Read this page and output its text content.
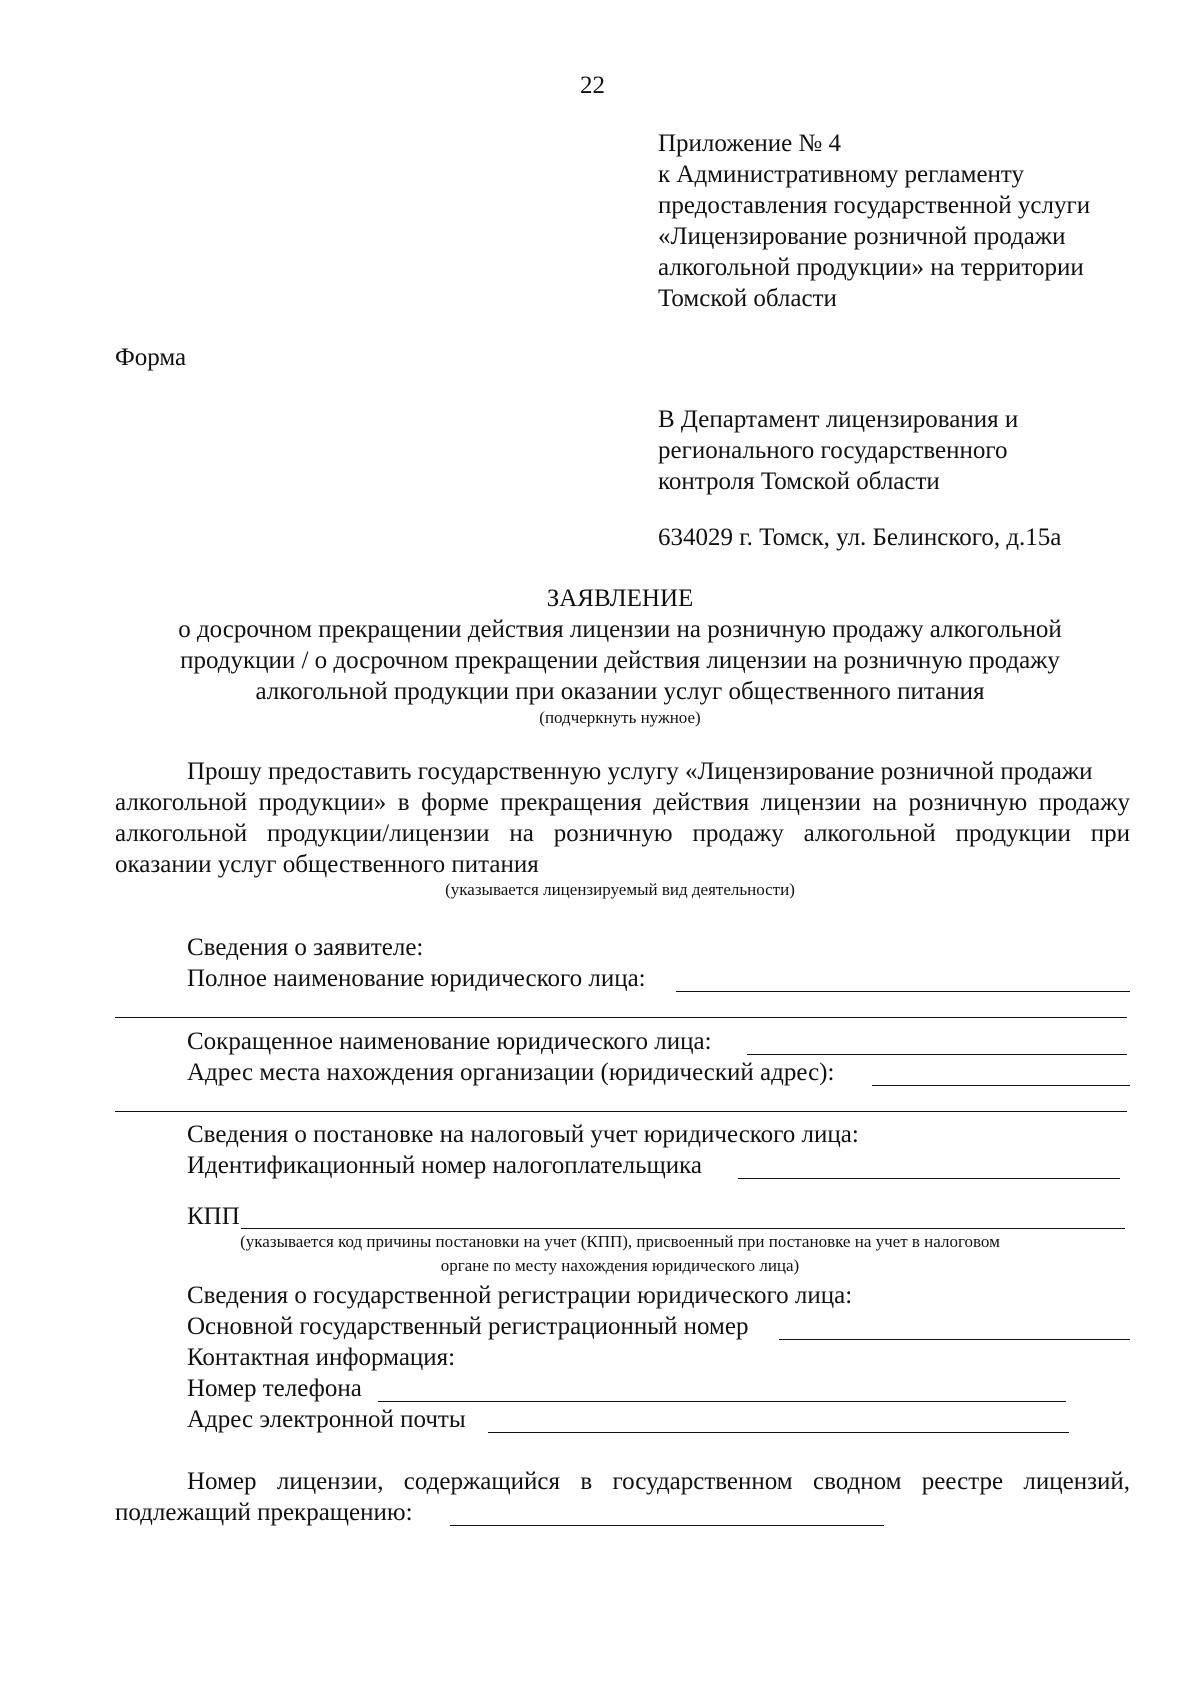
22
Приложение № 4
к Административному регламенту
предоставления государственной услуги
«Лицензирование розничной продажи
алкогольной продукции» на территории
Томской области
Форма
В Департамент лицензирования и
регионального государственного
контроля Томской области
634029 г. Томск, ул. Белинского, д.15а
ЗАЯВЛЕНИЕ
о досрочном прекращении действия лицензии на розничную продажу алкогольной
продукции / о досрочном прекращении действия лицензии на розничную продажу
алкогольной продукции при оказании услуг общественного питания
(подчеркнуть нужное)
Прошу предоставить государственную услугу «Лицензирование розничной продажи
алкогольной продукции» в форме прекращения действия лицензии на розничную продажу
алкогольной продукции/лицензии на розничную продажу алкогольной продукции при
оказании услуг общественного питания
(указывается лицензируемый вид деятельности)
Сведения о заявителе:
Полное наименование юридического лица:
Сокращенное наименование юридического лица:
Адрес места нахождения организации (юридический адрес):
Сведения о постановке на налоговый учет юридического лица:
Идентификационный номер налогоплательщика
КПП
(указывается код причины постановки на учет (КПП), присвоенный при постановке на учет в налоговом
органе по месту нахождения юридического лица)
Сведения о государственной регистрации юридического лица:
Основной государственный регистрационный номер
Контактная информация:
Номер телефона
Адрес электронной почты
Номер лицензии, содержащийся в государственном сводном реестре лицензий,
подлежащий прекращению:
